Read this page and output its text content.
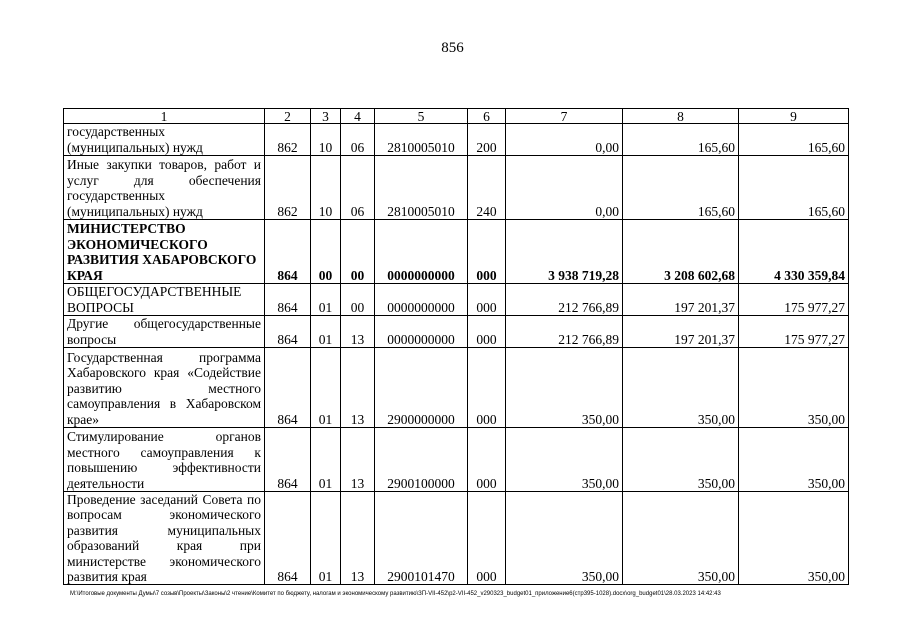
856
1	2	3	4	5	6	7	8	9
государственных (муниципальных) нужд	862	10	06	2810005010	200	0,00	165,60	165,60
Иные закупки товаров, работ и услуг для обеспечения государственных (муниципальных) нужд	862	10	06	2810005010	240	0,00	165,60	165,60
МИНИСТЕРСТВО ЭКОНОМИЧЕСКОГО РАЗВИТИЯ ХАБАРОВСКОГО КРАЯ	864	00	00	0000000000	000	3 938 719,28	3 208 602,68	4 330 359,84
ОБЩЕГОСУДАРСТВЕННЫЕ ВОПРОСЫ	864	01	00	0000000000	000	212 766,89	197 201,37	175 977,27
Другие общегосударственные вопросы	864	01	13	0000000000	000	212 766,89	197 201,37	175 977,27
Государственная программа Хабаровского края «Содействие развитию местного самоуправления в Хабаровском крае»	864	01	13	2900000000	000	350,00	350,00	350,00
Стимулирование органов местного самоуправления к повышению эффективности деятельности	864	01	13	2900100000	000	350,00	350,00	350,00
Проведение заседаний Совета по вопросам экономического развития муниципальных образований края при министерстве экономического развития края	864	01	13	2900101470	000	350,00	350,00	350,00
М:\Итоговые документы Думы\7 созыв\Проекты\Законы\2 чтение\Комитет по бюджету, налогам и экономическому развитию\ЗП-VII-452\р2-VII-452_v290323_budget01_приложение6(стр395-1028).docx\org_budget01\28.03.2023 14:42:43
